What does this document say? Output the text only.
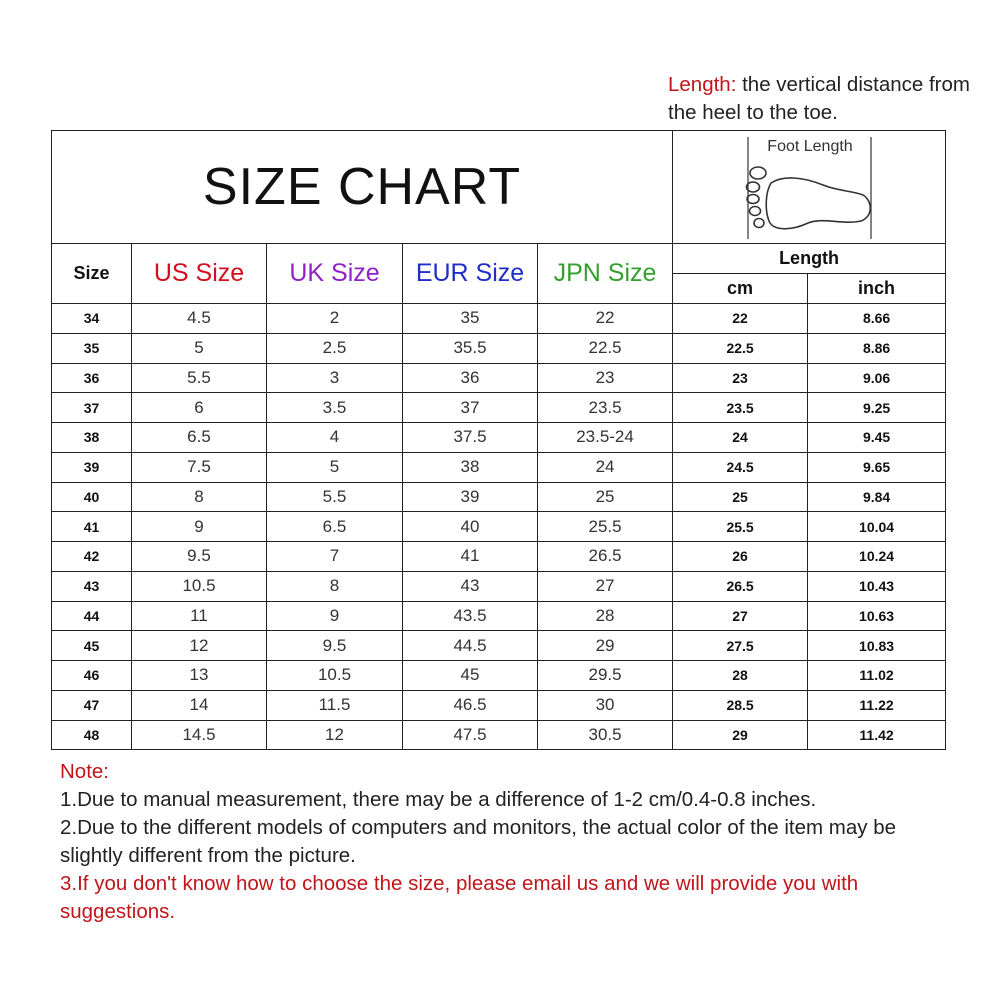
Length: the vertical distance from the heel to the toe.
SIZE CHART					Foot Length	

Size	US Size	UK Size	EUR Size	JPN Size	Length	
					cm	inch
34	4.5	2	35	22	22	8.66
35	5	2.5	35.5	22.5	22.5	8.86
36	5.5	3	36	23	23	9.06
37	6	3.5	37	23.5	23.5	9.25
38	6.5	4	37.5	23.5-24	24	9.45
39	7.5	5	38	24	24.5	9.65
40	8	5.5	39	25	25	9.84
41	9	6.5	40	25.5	25.5	10.04
42	9.5	7	41	26.5	26	10.24
43	10.5	8	43	27	26.5	10.43
44	11	9	43.5	28	27	10.63
45	12	9.5	44.5	29	27.5	10.83
46	13	10.5	45	29.5	28	11.02
47	14	11.5	46.5	30	28.5	11.22
48	14.5	12	47.5	30.5	29	11.42

Note:

1.Due to manual measurement, there may be a difference of 1-2 cm/0.4-0.8 inches.

2.Due to the different models of computers and monitors, the actual color of the item may be slightly different from the picture.

3.If you don't know how to choose the size, please email us and we will provide you with suggestions.
